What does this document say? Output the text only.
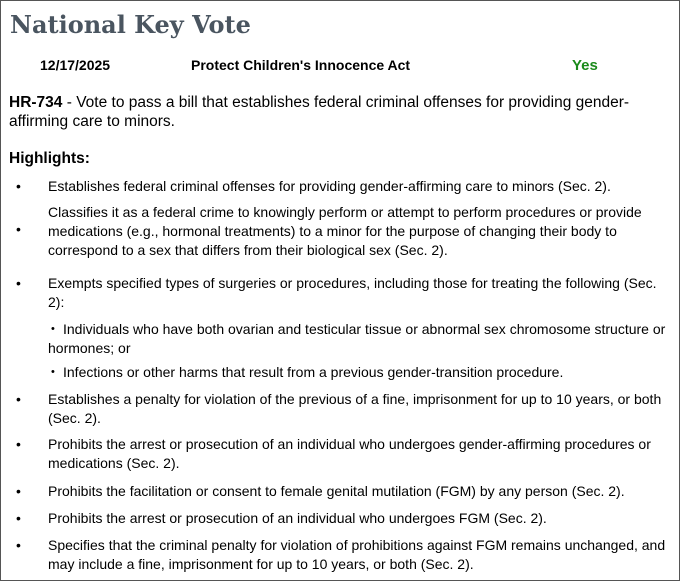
National Key Vote
12/17/2025	Protect Children's Innocence Act	Yes
HR-734 - Vote to pass a bill that establishes federal criminal offenses for providing gender-affirming care to minors.
Highlights:
• Establishes federal criminal offenses for providing gender-affirming care to minors (Sec. 2).
•
Classifies it as a federal crime to knowingly perform or attempt to perform procedures or provide medications (e.g., hormonal treatments) to a minor for the purpose of changing their body to correspond to a sex that differs from their biological sex (Sec. 2).
• Exempts specified types of surgeries or procedures, including those for treating the following (Sec. 2):
• Individuals who have both ovarian and testicular tissue or abnormal sex chromosome structure or hormones; or
• Infections or other harms that result from a previous gender-transition procedure.
• Establishes a penalty for violation of the previous of a fine, imprisonment for up to 10 years, or both (Sec. 2).
• Prohibits the arrest or prosecution of an individual who undergoes gender-affirming procedures or medications (Sec. 2).
• Prohibits the facilitation or consent to female genital mutilation (FGM) by any person (Sec. 2).
• Prohibits the arrest or prosecution of an individual who undergoes FGM (Sec. 2).
• Specifies that the criminal penalty for violation of prohibitions against FGM remains unchanged, and may include a fine, imprisonment for up to 10 years, or both (Sec. 2).
